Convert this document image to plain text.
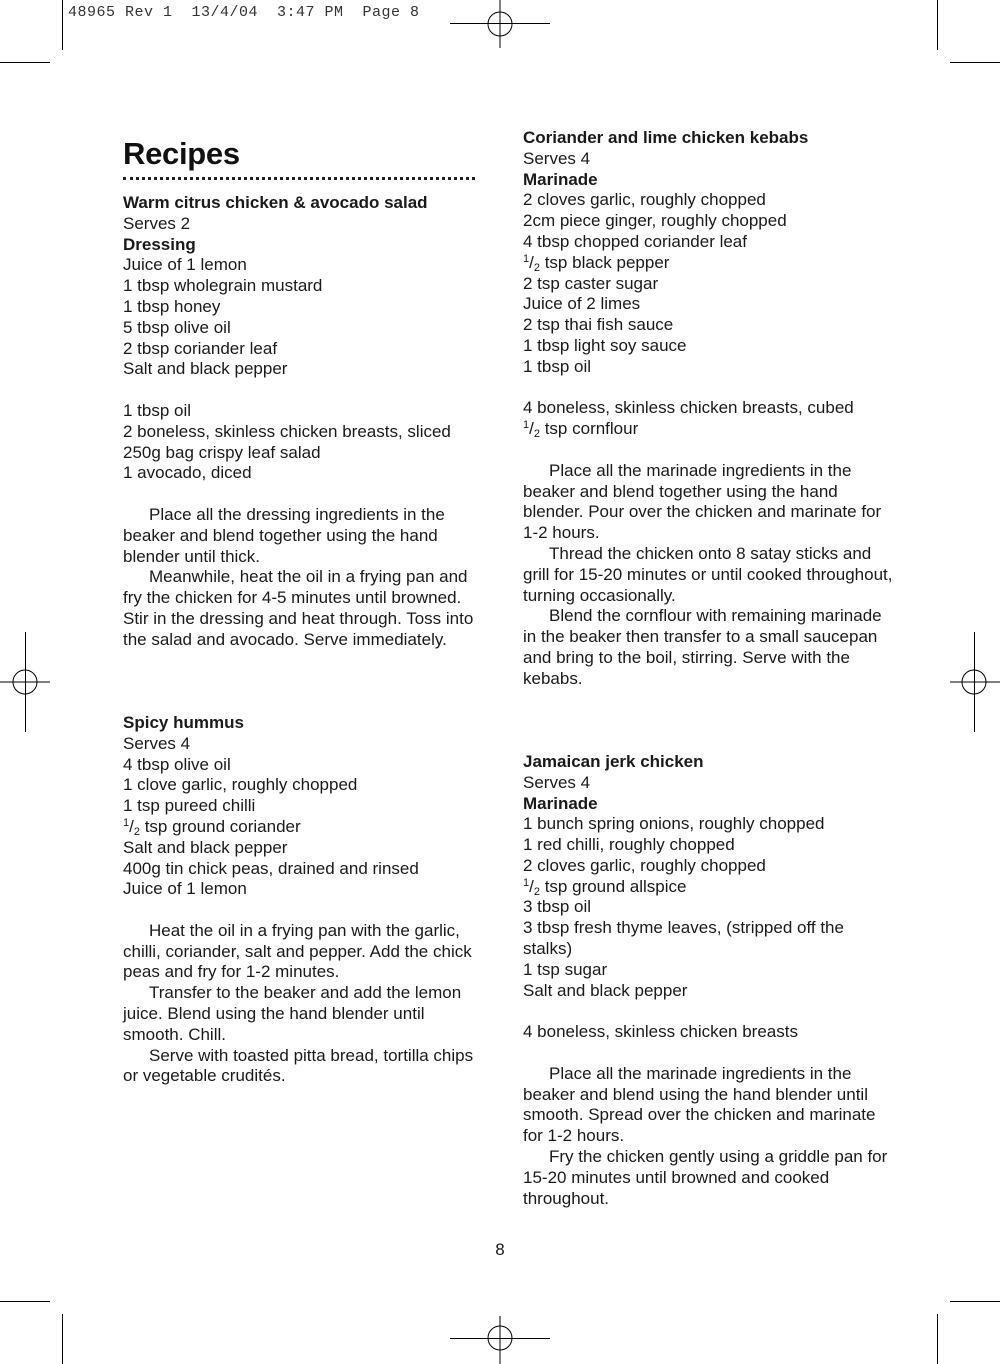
48965 Rev 1  13/4/04  3:47 PM  Page 8
Recipes

Warm citrus chicken & avocado salad

Serves 2

Dressing

Juice of 1 lemon

1 tbsp wholegrain mustard

1 tbsp honey

5 tbsp olive oil

2 tbsp coriander leaf

Salt and black pepper

1 tbsp oil

2 boneless, skinless chicken breasts, sliced

250g bag crispy leaf salad

1 avocado, diced

Place all the dressing ingredients in the beaker and blend together using the hand blender until thick.

Meanwhile, heat the oil in a frying pan and fry the chicken for 4-5 minutes until browned. Stir in the dressing and heat through. Toss into the salad and avocado. Serve immediately.

Spicy hummus

Serves 4

4 tbsp olive oil

1 clove garlic, roughly chopped

1 tsp pureed chilli

$^1/_2$ tsp ground coriander

Salt and black pepper

400g tin chick peas, drained and rinsed

Juice of 1 lemon

Heat the oil in a frying pan with the garlic, chilli, coriander, salt and pepper. Add the chick peas and fry for 1-2 minutes.

Transfer to the beaker and add the lemon juice. Blend using the hand blender until smooth. Chill.

Serve with toasted pitta bread, tortilla chips or vegetable crudités.

Coriander and lime chicken kebabs

Serves 4

Marinade

2 cloves garlic, roughly chopped

2cm piece ginger, roughly chopped

4 tbsp chopped coriander leaf

$^1/_2$ tsp black pepper

2 tsp caster sugar

Juice of 2 limes

2 tsp thai fish sauce

1 tbsp light soy sauce

1 tbsp oil

4 boneless, skinless chicken breasts, cubed

$^1/_2$ tsp cornflour

Place all the marinade ingredients in the beaker and blend together using the hand blender. Pour over the chicken and marinate for 1-2 hours.

Thread the chicken onto 8 satay sticks and grill for 15-20 minutes or until cooked throughout, turning occasionally.

Blend the cornflour with remaining marinade in the beaker then transfer to a small saucepan and bring to the boil, stirring. Serve with the kebabs.

Jamaican jerk chicken

Serves 4

Marinade

1 bunch spring onions, roughly chopped

1 red chilli, roughly chopped

2 cloves garlic, roughly chopped

$^1/_2$ tsp ground allspice

3 tbsp oil

3 tbsp fresh thyme leaves, (stripped off the stalks)

1 tsp sugar

Salt and black pepper

4 boneless, skinless chicken breasts

Place all the marinade ingredients in the beaker and blend using the hand blender until smooth. Spread over the chicken and marinate for 1-2 hours.

Fry the chicken gently using a griddle pan for 15-20 minutes until browned and cooked throughout.

8
